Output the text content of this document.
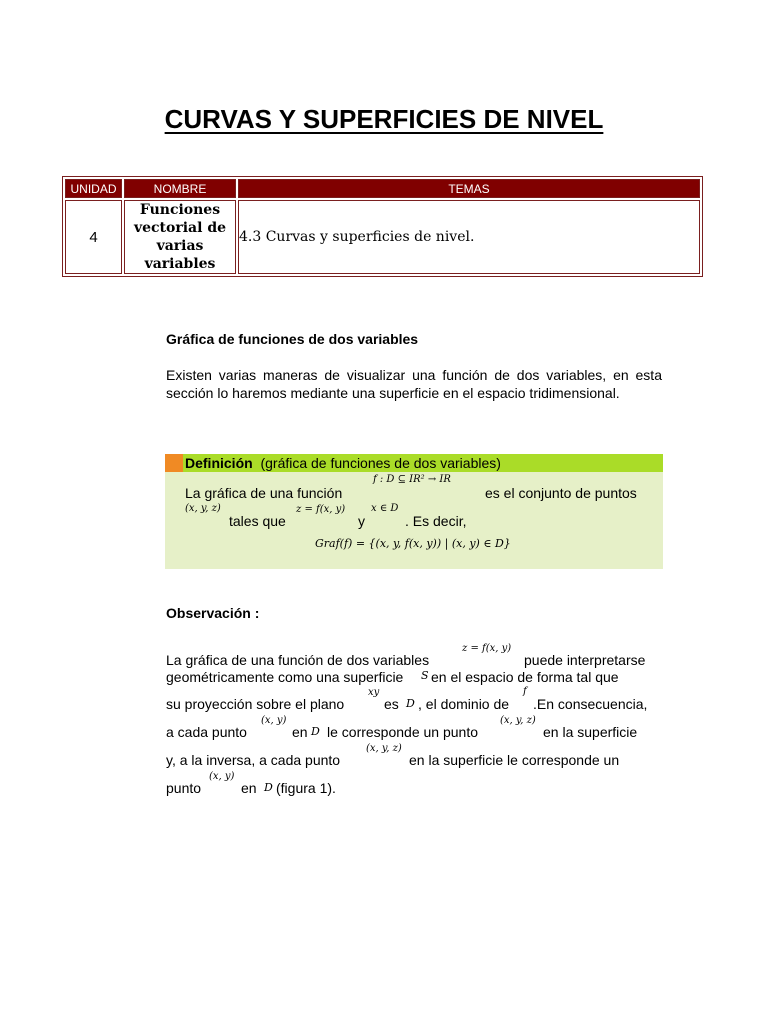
CURVAS Y SUPERFICIES DE NIVEL
UNIDAD	NOMBRE	TEMAS
4	Funciones vectorial de varias variables	4.3 Curvas y superficies de nivel.
Gráfica de funciones de dos variables
Existen varias maneras de visualizar una función de dos variables, en esta sección lo haremos mediante una superficie en el espacio tridimensional.
Definición (gráfica de funciones de dos variables)
La gráfica de una función
f : D ⊆ IR² → IR
es el conjunto de puntos
(x, y, z)
tales que
z = f(x, y)
y
x ∈ D
. Es decir,
Graf(f) = {(x, y, f(x, y)) | (x, y) ∈ D}
Observación :
La gráfica de una función de dos variables
z = f(x, y)
puede interpretarse
geométricamente como una superficie S en el espacio de forma tal que
su proyección sobre el plano
xy
es D , el dominio de
f
.En consecuencia,
a cada punto
(x, y)
en D le corresponde un punto
(x, y, z)
en la superficie
y, a la inversa, a cada punto
(x, y, z)
en la superficie le corresponde un
punto
(x, y)
en D (figura 1).
